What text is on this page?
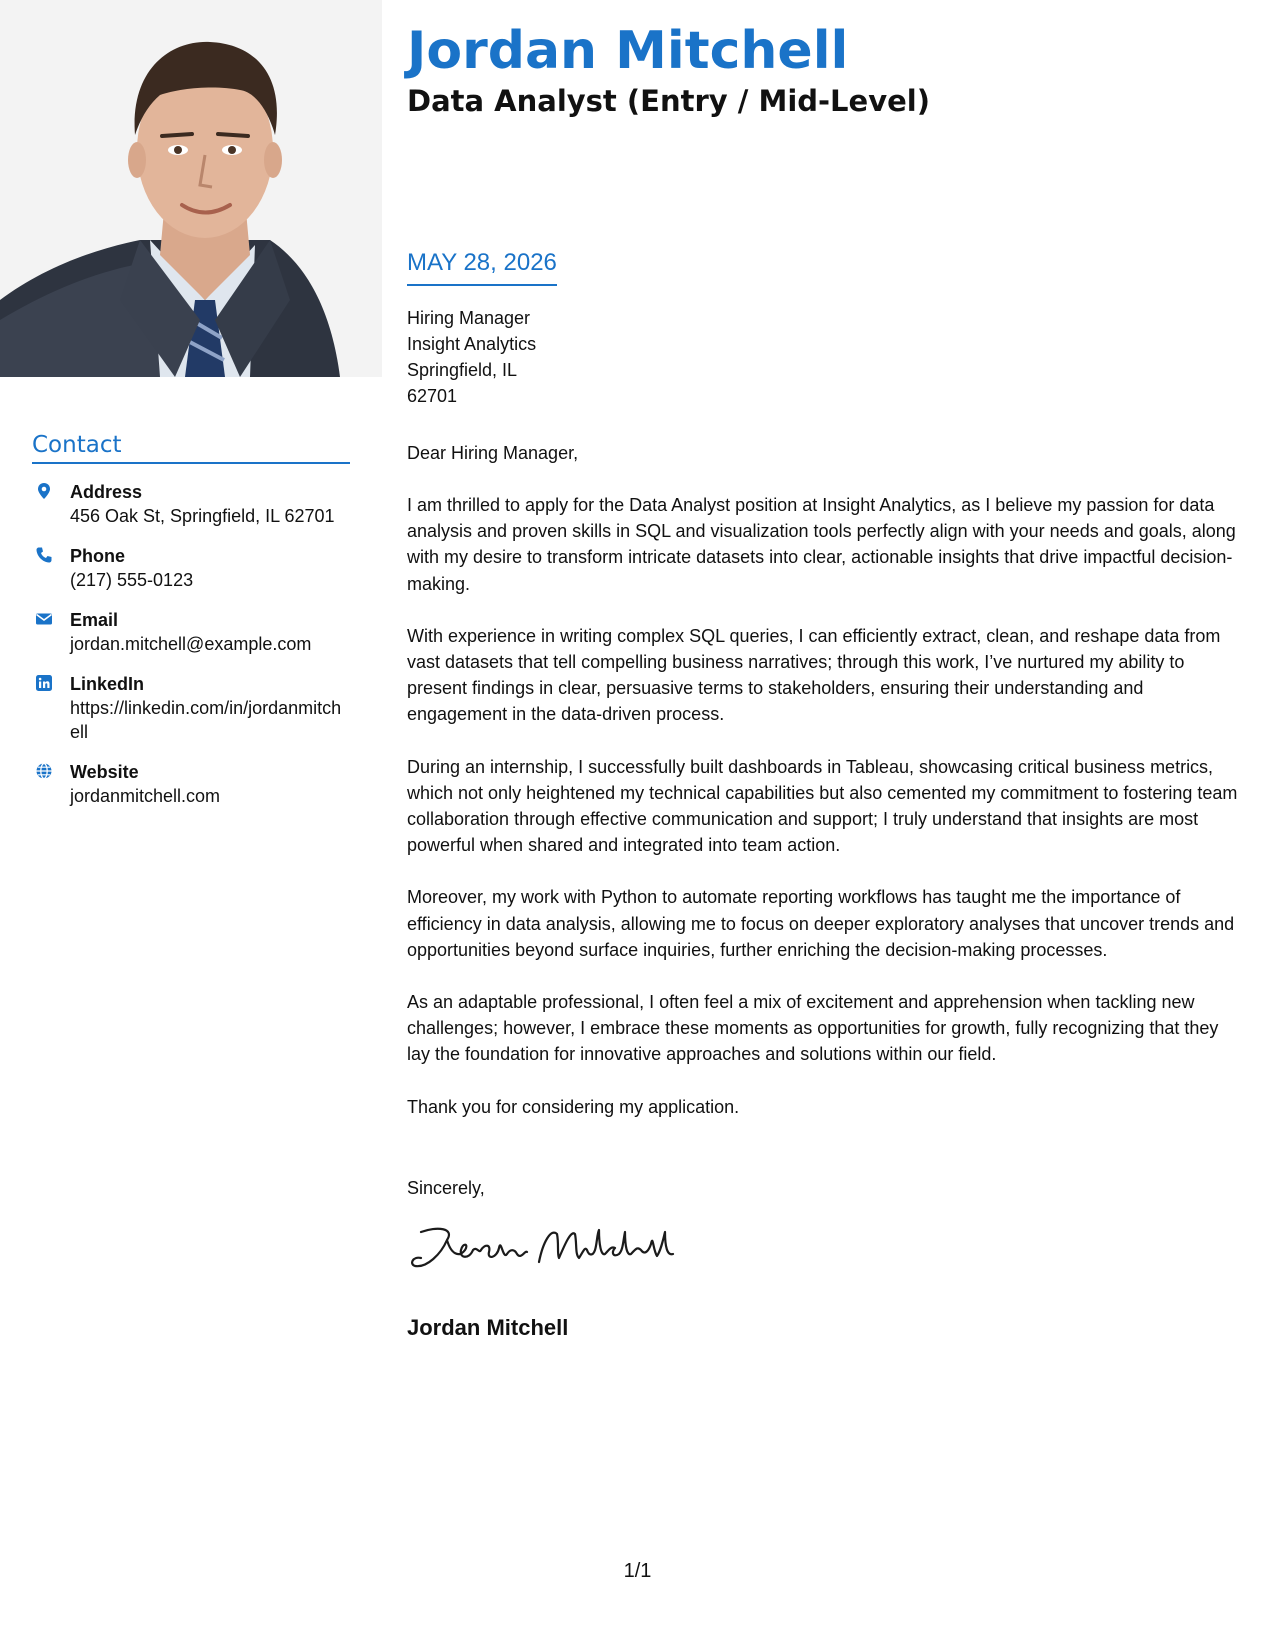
Contact
Address
456 Oak St, Springfield, IL 62701
Phone
(217) 555-0123
Email
jordan.mitchell@example.com
LinkedIn
https://linkedin.com/in/jordanmitchell
Website
jordanmitchell.com
Jordan Mitchell
Data Analyst (Entry / Mid-Level)
MAY 28, 2026
Hiring Manager
Insight Analytics
Springfield, IL
62701
Dear Hiring Manager,

I am thrilled to apply for the Data Analyst position at Insight Analytics, as I believe my passion for data analysis and proven skills in SQL and visualization tools perfectly align with your needs and goals, along with my desire to transform intricate datasets into clear, actionable insights that drive impactful decision-making.

With experience in writing complex SQL queries, I can efficiently extract, clean, and reshape data from vast datasets that tell compelling business narratives; through this work, I’ve nurtured my ability to present findings in clear, persuasive terms to stakeholders, ensuring their understanding and engagement in the data-driven process.

During an internship, I successfully built dashboards in Tableau, showcasing critical business metrics, which not only heightened my technical capabilities but also cemented my commitment to fostering team collaboration through effective communication and support; I truly understand that insights are most powerful when shared and integrated into team action.

Moreover, my work with Python to automate reporting workflows has taught me the importance of efficiency in data analysis, allowing me to focus on deeper exploratory analyses that uncover trends and opportunities beyond surface inquiries, further enriching the decision-making processes.

As an adaptable professional, I often feel a mix of excitement and apprehension when tackling new challenges; however, I embrace these moments as opportunities for growth, fully recognizing that they lay the foundation for innovative approaches and solutions within our field.

Thank you for considering my application.

Sincerely,
Jordan Mitchell
1/1
